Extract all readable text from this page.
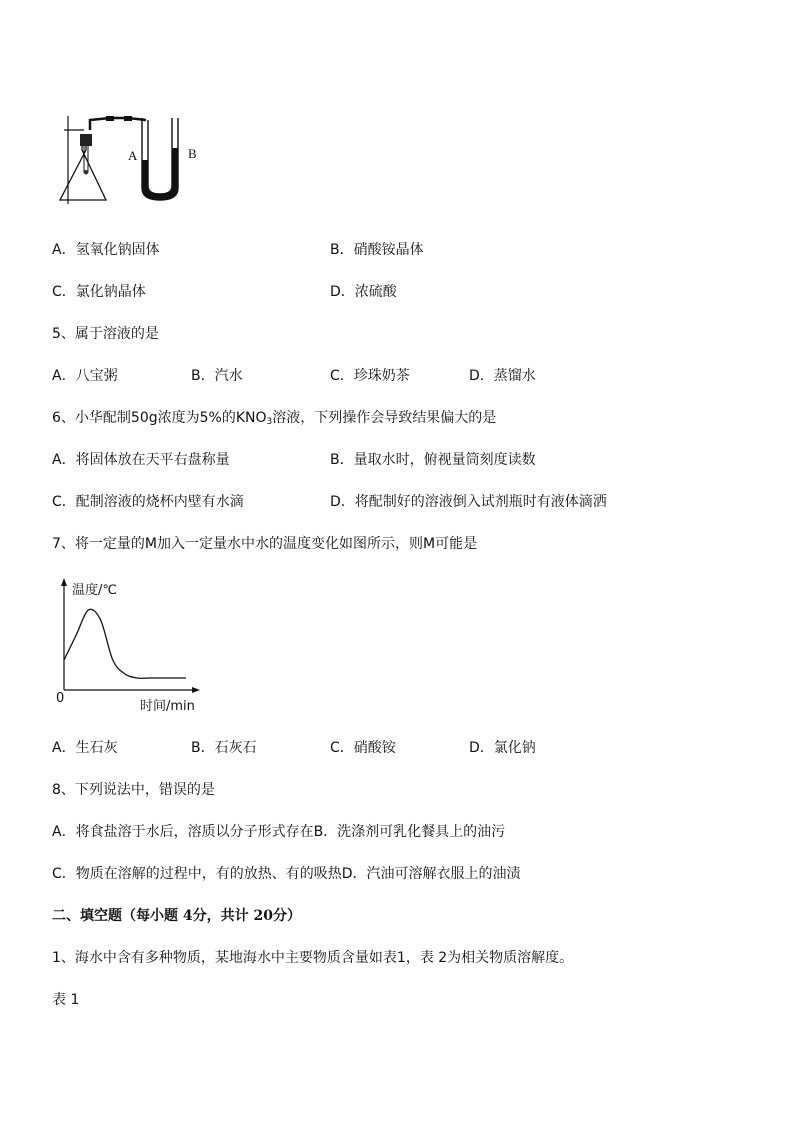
A	B
A．氢氧化钠固体	B．硝酸铵晶体
C．氯化钠晶体	D．浓硫酸
5、属于溶液的是
A．八宝粥	B．汽水	C．珍珠奶茶	D．蒸馏水
6、小华配制50g浓度为5%的$KNO_3$溶液，下列操作会导致结果偏大的是
A．将固体放在天平右盘称量	B．量取水时，俯视量筒刻度读数
C．配制溶液的烧杯内壁有水滴	D．将配制好的溶液倒入试剂瓶时有液体滴洒
7、将一定量的M加入一定量水中水的温度变化如图所示，则M可能是
温度/℃
时间/min
0
A．生石灰	B．石灰石	C．硝酸铵	D．氯化钠
8、下列说法中，错误的是
A．将食盐溶于水后，溶质以分子形式存在B．洗涤剂可乳化餐具上的油污
C．物质在溶解的过程中，有的放热、有的吸热D．汽油可溶解衣服上的油渍
二、填空题（每小题 4分，共计 20分）
1、海水中含有多种物质，某地海水中主要物质含量如表1，表 2为相关物质溶解度。
表 1
